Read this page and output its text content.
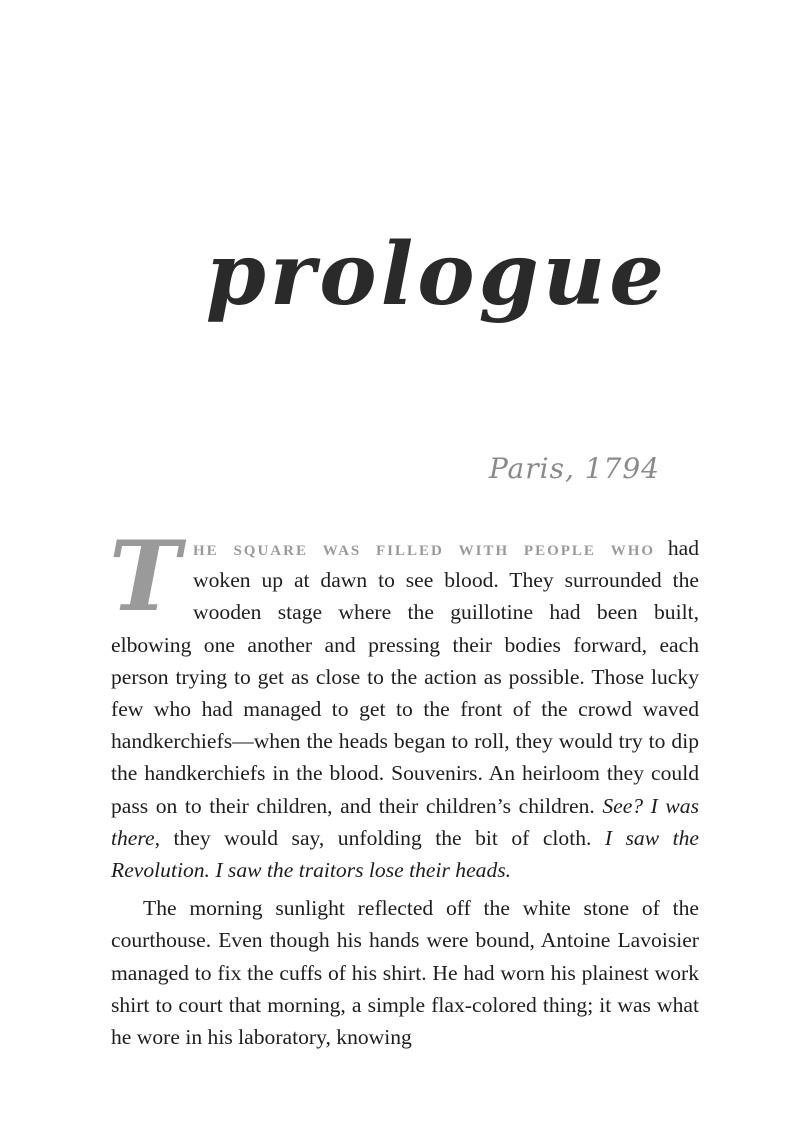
prologue
Paris, 1794

The square was filled with people who had woken up at dawn to see blood. They surrounded the wooden stage where the guillotine had been built, elbowing one another and pressing their bodies forward, each person trying to get as close to the action as possible. Those lucky few who had managed to get to the front of the crowd waved handkerchiefs—when the heads began to roll, they would try to dip the handkerchiefs in the blood. Souvenirs. An heirloom they could pass on to their children, and their children’s children. See? I was there, they would say, unfolding the bit of cloth. I saw the Revolution. I saw the traitors lose their heads.

The morning sunlight reflected off the white stone of the courthouse. Even though his hands were bound, Antoine Lavoisier managed to fix the cuffs of his shirt. He had worn his plainest work shirt to court that morning, a simple flax-colored thing; it was what he wore in his laboratory, knowing
